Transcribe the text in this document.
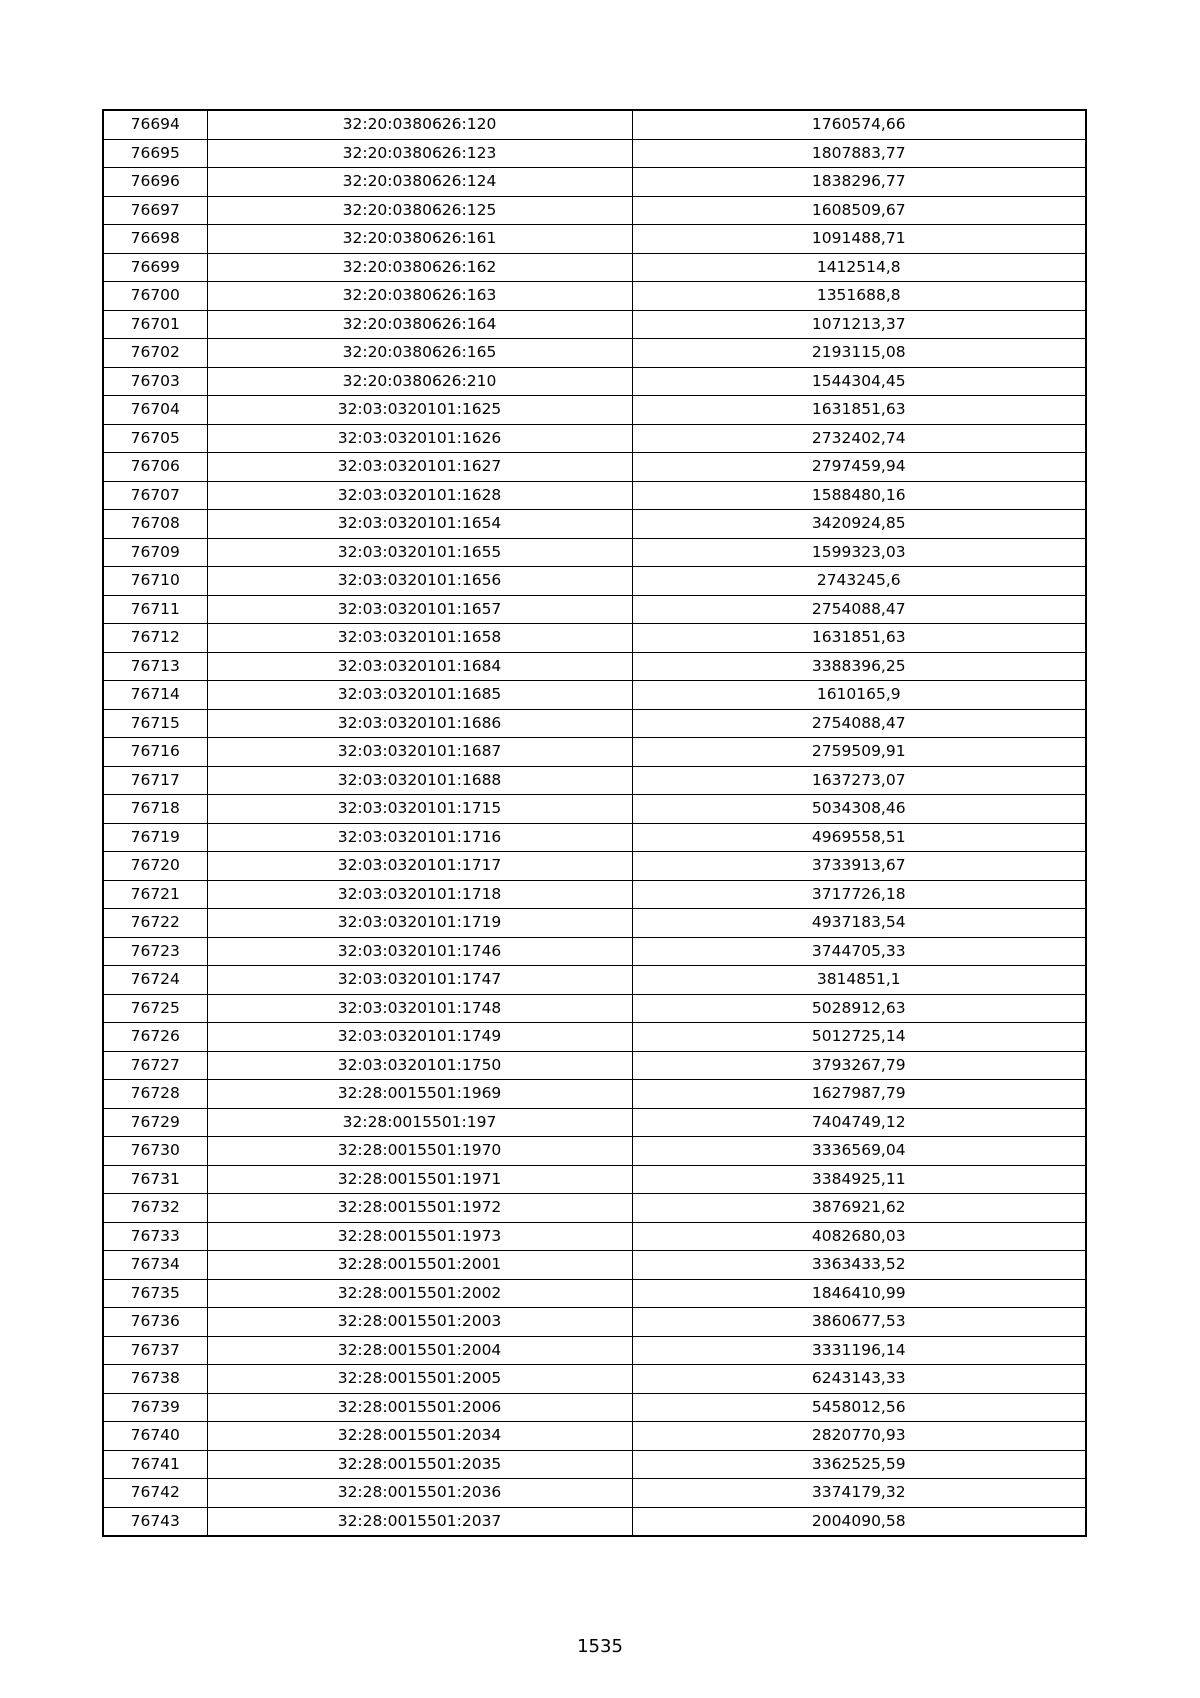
76694	32:20:0380626:120	1760574,66
76695	32:20:0380626:123	1807883,77
76696	32:20:0380626:124	1838296,77
76697	32:20:0380626:125	1608509,67
76698	32:20:0380626:161	1091488,71
76699	32:20:0380626:162	1412514,8
76700	32:20:0380626:163	1351688,8
76701	32:20:0380626:164	1071213,37
76702	32:20:0380626:165	2193115,08
76703	32:20:0380626:210	1544304,45
76704	32:03:0320101:1625	1631851,63
76705	32:03:0320101:1626	2732402,74
76706	32:03:0320101:1627	2797459,94
76707	32:03:0320101:1628	1588480,16
76708	32:03:0320101:1654	3420924,85
76709	32:03:0320101:1655	1599323,03
76710	32:03:0320101:1656	2743245,6
76711	32:03:0320101:1657	2754088,47
76712	32:03:0320101:1658	1631851,63
76713	32:03:0320101:1684	3388396,25
76714	32:03:0320101:1685	1610165,9
76715	32:03:0320101:1686	2754088,47
76716	32:03:0320101:1687	2759509,91
76717	32:03:0320101:1688	1637273,07
76718	32:03:0320101:1715	5034308,46
76719	32:03:0320101:1716	4969558,51
76720	32:03:0320101:1717	3733913,67
76721	32:03:0320101:1718	3717726,18
76722	32:03:0320101:1719	4937183,54
76723	32:03:0320101:1746	3744705,33
76724	32:03:0320101:1747	3814851,1
76725	32:03:0320101:1748	5028912,63
76726	32:03:0320101:1749	5012725,14
76727	32:03:0320101:1750	3793267,79
76728	32:28:0015501:1969	1627987,79
76729	32:28:0015501:197	7404749,12
76730	32:28:0015501:1970	3336569,04
76731	32:28:0015501:1971	3384925,11
76732	32:28:0015501:1972	3876921,62
76733	32:28:0015501:1973	4082680,03
76734	32:28:0015501:2001	3363433,52
76735	32:28:0015501:2002	1846410,99
76736	32:28:0015501:2003	3860677,53
76737	32:28:0015501:2004	3331196,14
76738	32:28:0015501:2005	6243143,33
76739	32:28:0015501:2006	5458012,56
76740	32:28:0015501:2034	2820770,93
76741	32:28:0015501:2035	3362525,59
76742	32:28:0015501:2036	3374179,32
76743	32:28:0015501:2037	2004090,58
1535
